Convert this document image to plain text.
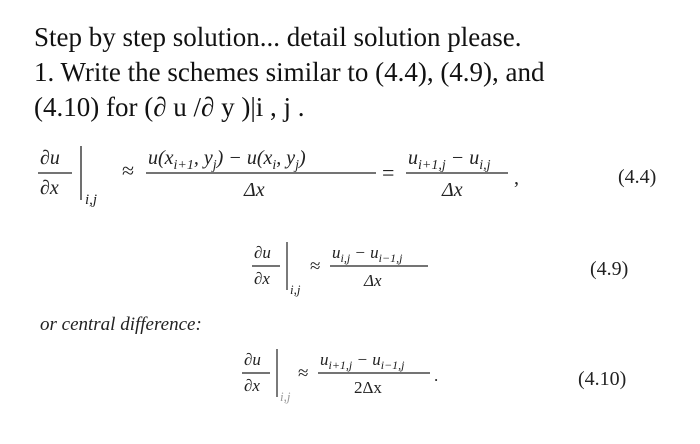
Step by step solution... detail solution please.
1. Write the schemes similar to (4.4), (4.9), and
(4.10) for (∂ u /∂ y )|i , j .
∂u
∂x
i,j
≈ $u(x_{i+1}$, $y_j) - u(x_i$, $y_j$)
Δx
=
$u_{i+1,j} - u_{i,j}$
Δx
,	(4.4)
∂u
∂x
i,j
≈
$u_{i,j} - u_{i-1,j}$
Δx
(4.9)
or central difference:
∂u
∂x
i,j
≈
$u_{i+1,j} - u_{i-1,j}$
2Δx
.	(4.10)
